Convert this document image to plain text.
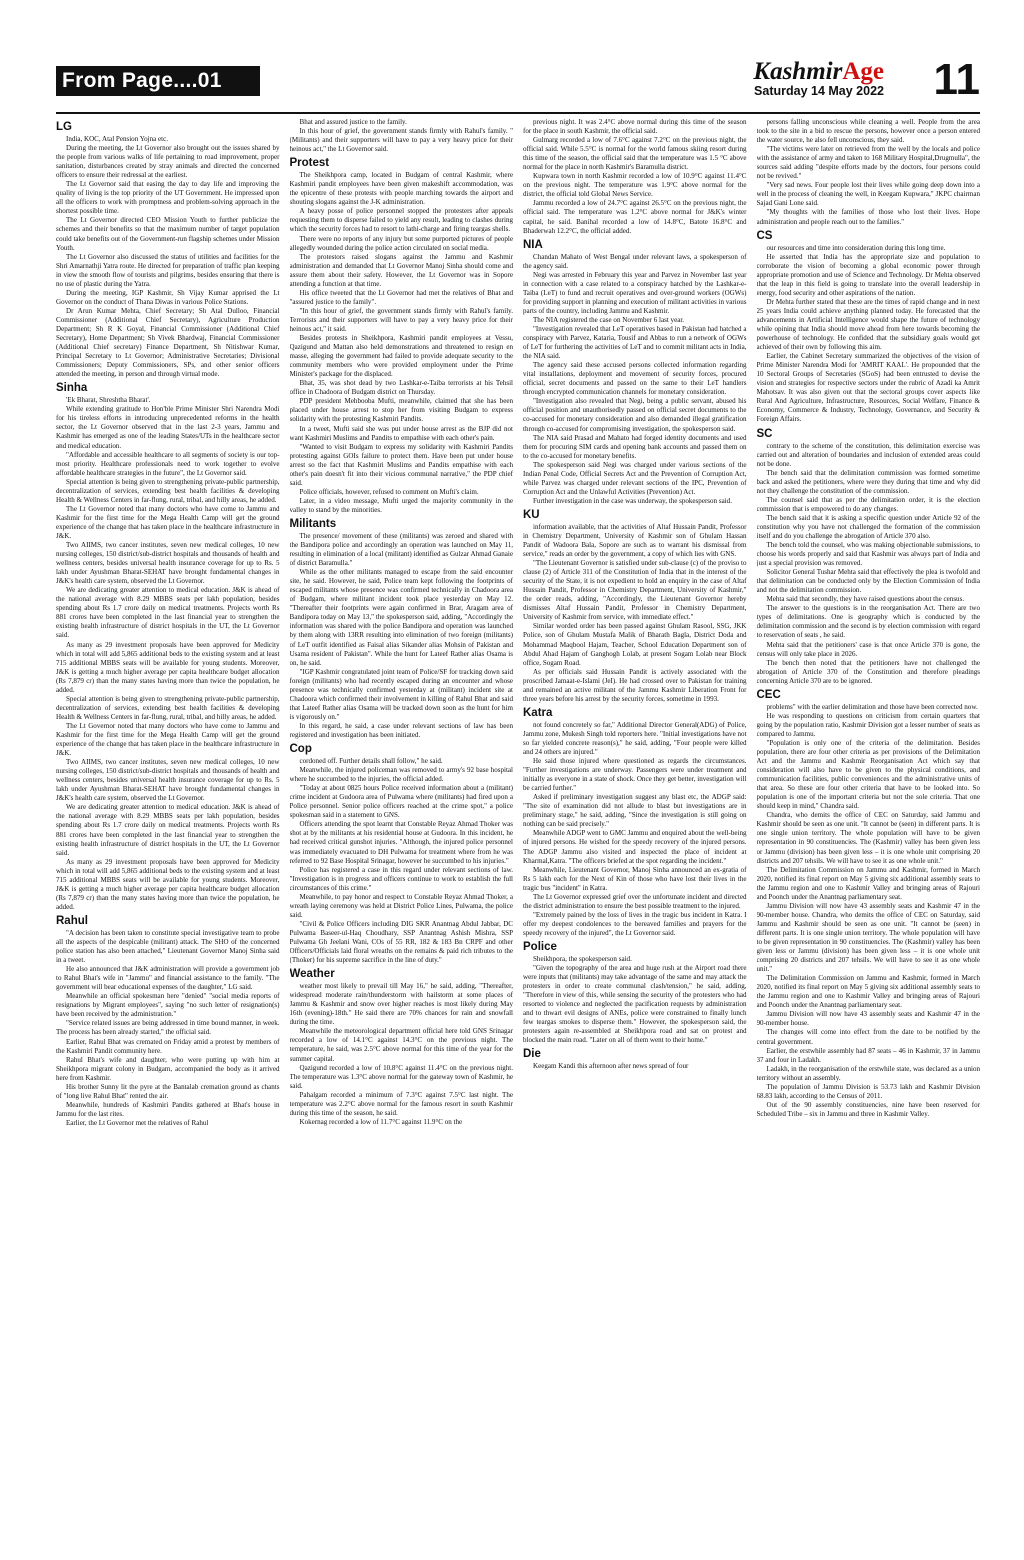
From Page....01	KashmirAge
Saturday 14 May 2022 11
LG

India, KOC, Atal Pension Yojna etc.

During the meeting, the Lt Governor also brought out the issues shared by the people from various walks of life pertaining to road improvement, proper sanitation, disturbances created by stray animals and directed the concerned officers to ensure their redressal at the earliest.

The Lt Governor said that easing the day to day life and improving the quality of living is the top priority of the UT Government. He impressed upon all the officers to work with promptness and problem-solving approach in the shortest possible time.

The Lt Governor directed CEO Mission Youth to further publicize the schemes and their benefits so that the maximum number of target population could take benefits out of the Government-run flagship schemes under Mission Youth.

The Lt Governor also discussed the status of utilities and facilities for the Shri Amarnathji Yatra route. He directed for preparation of traffic plan keeping in view the smooth flow of tourists and pilgrims, besides ensuring that there is no use of plastic during the Yatra.

During the meeting, IGP Kashmir, Sh Vijay Kumar apprised the Lt Governor on the conduct of Thana Diwas in various Police Stations.

Dr Arun Kumar Mehta, Chief Secretary; Sh Atal Dulloo, Financial Commissioner (Additional Chief Secretary), Agriculture Production Department; Sh R K Goyal, Financial Commissioner (Additional Chief Secretary), Home Department; Sh Vivek Bhardwaj, Financial Commissioner (Additional Chief secretary) Finance Department, Sh Nitishwar Kumar, Principal Secretary to Lt Governor; Administrative Secretaries; Divisional Commissioners; Deputy Commissioners, SPs, and other senior officers attended the meeting, in person and through virtual mode.

Sinha

'Ek Bharat, Shreshtha Bharat'.

While extending gratitude to Hon'ble Prime Minister Shri Narendra Modi for his tireless efforts in introducing unprecedented reforms in the health sector, the Lt Governor observed that in the last 2-3 years, Jammu and Kashmir has emerged as one of the leading States/UTs in the healthcare sector and medical education.

"Affordable and accessible healthcare to all segments of society is our top-most priority. Healthcare professionals need to work together to evolve affordable healthcare strategies in the future", the Lt Governor said.

Special attention is being given to strengthening private-public partnership, decentralization of services, extending best health facilities & developing Health & Wellness Centers in far-flung, rural, tribal, and hilly areas, he added.

The Lt Governor noted that many doctors who have come to Jammu and Kashmir for the first time for the Mega Health Camp will get the ground experience of the change that has taken place in the healthcare infrastructure in J&K.

Two AIIMS, two cancer institutes, seven new medical colleges, 10 new nursing colleges, 150 district/sub-district hospitals and thousands of health and wellness centers, besides universal health insurance coverage for up to Rs. 5 lakh under Ayushman Bharat-SEHAT have brought fundamental changes in J&K's health care system, observed the Lt Governor.

We are dedicating greater attention to medical education. J&K is ahead of the national average with 8.29 MBBS seats per lakh population, besides spending about Rs 1.7 crore daily on medical treatments. Projects worth Rs 881 crores have been completed in the last financial year to strengthen the existing health infrastructure of district hospitals in the UT, the Lt Governor said.

As many as 29 investment proposals have been approved for Medicity which in total will add 5,865 additional beds to the existing system and at least 715 additional MBBS seats will be available for young students. Moreover, J&K is getting a much higher average per capita healthcare budget allocation (Rs 7,879 cr) than the many states having more than twice the population, he added.

Special attention is being given to strengthening private-public partnership, decentralization of services, extending best health facilities & developing Health & Wellness Centers in far-flung, rural, tribal, and hilly areas, he added.

The Lt Governor noted that many doctors who have come to Jammu and Kashmir for the first time for the Mega Health Camp will get the ground experience of the change that has taken place in the healthcare infrastructure in J&K.

Two AIIMS, two cancer institutes, seven new medical colleges, 10 new nursing colleges, 150 district/sub-district hospitals and thousands of health and wellness centers, besides universal health insurance coverage for up to Rs. 5 lakh under Ayushman Bharat-SEHAT have brought fundamental changes in J&K's health care system, observed the Lt Governor.

We are dedicating greater attention to medical education. J&K is ahead of the national average with 8.29 MBBS seats per lakh population, besides spending about Rs 1.7 crore daily on medical treatments. Projects worth Rs 881 crores have been completed in the last financial year to strengthen the existing health infrastructure of district hospitals in the UT, the Lt Governor said.

As many as 29 investment proposals have been approved for Medicity which in total will add 5,865 additional beds to the existing system and at least 715 additional MBBS seats will be available for young students. Moreover, J&K is getting a much higher average per capita healthcare budget allocation (Rs 7,879 cr) than the many states having more than twice the population, he added.

Rahul

"A decision has been taken to constitute special investigative team to probe all the aspects of the despicable (militant) attack. The SHO of the concerned police station has also been attached," Lieutenant Governor Manoj Sinha said in a tweet.

He also announced that J&K administration will provide a government job to Rahul Bhat's wife in "Jammu" and financial assistance to the family. "The government will bear educational expenses of the daughter," LG said.

Meanwhile an official spokesman here "denied" "social media reports of resignations by Migrant employees", saying "no such letter of resignation(s) have been received by the administration."

"Service related issues are being addressed in time bound manner, in week. The process has been already started," the official said.

Earlier, Rahul Bhat was cremated on Friday amid a protest by members of the Kashmiri Pandit community here.

Rahul Bhat's wife and daughter, who were putting up with him at Sheikhpora migrant colony in Budgam, accompanied the body as it arrived here from Kashmir.

His brother Sunny lit the pyre at the Bantalab cremation ground as chants of "long live Rahul Bhat" rented the air.

Meanwhile, hundreds of Kashmiri Pandits gathered at Bhat's house in Jammu for the last rites.

Earlier, the Lt Governor met the relatives of Rahul

Bhat and assured justice to the family.

In this hour of grief, the government stands firmly with Rahul's family. "(Militants) and their supporters will have to pay a very heavy price for their heinous act," the Lt Governor said.

Protest

The Sheikhpora camp, located in Budgam of central Kashmir, where Kashmiri pandit employees have been given makeshift accommodation, was the epicentre of these protests with people marching towards the airport and shouting slogans against the J-K administration.

A heavy posse of police personnel stopped the protesters after appeals requesting them to disperse failed to yield any result, leading to clashes during which the security forces had to resort to lathi-charge and firing teargas shells.

There were no reports of any injury but some purported pictures of people allegedly wounded during the police action circulated on social media.

The protestors raised slogans against the Jammu and Kashmir administration and demanded that Lt Governor Manoj Sinha should come and assure them about their safety. However, the Lt Governor was in Sopore attending a function at that time.

His office tweeted that the Lt Governor had met the relatives of Bhat and "assured justice to the family".

"In this hour of grief, the government stands firmly with Rahul's family. Terrorists and their supporters will have to pay a very heavy price for their heinous act," it said.

Besides protests in Sheikhpora, Kashmiri pandit employees at Vessu, Qazigund and Mattan also held demonstrations and threatened to resign en masse, alleging the government had failed to provide adequate security to the community members who were provided employment under the Prime Minister's package for the displaced.

Bhat, 35, was shot dead by two Lashkar-e-Taiba terrorists at his Tehsil office in Chadoora of Budgam district on Thursday.

PDP president Mehbooba Mufti, meanwhile, claimed that she has been placed under house arrest to stop her from visiting Budgam to express solidarity with the protesting Kashmiri Pandits.

In a tweet, Mufti said she was put under house arrest as the BJP did not want Kashmiri Muslims and Pandits to empathise with each other's pain.

"Wanted to visit Budgam to express my solidarity with Kashmiri Pandits protesting against GOIs failure to protect them. Have been put under house arrest so the fact that Kashmiri Muslims and Pandits empathise with each other's pain doesn't fit into their vicious communal narrative," the PDP chief said.

Police officials, however, refused to comment on Mufti's claim.

Later, in a video message, Mufti urged the majority community in the valley to stand by the minorities.

Militants

The presence/ movement of these (militants) was zeroed and shared with the Bandipora police and accordingly an operation was launched on May 11, resulting in elimination of a local (militant) identified as Gulzar Ahmad Ganaie of district Baramulla."

While as the other militants managed to escape from the said encounter site, he said. However, he said, Police team kept following the footprints of escaped militants whose presence was confirmed technically in Chadoora area of Budgam, where militant incident took place yesterday on May 12. "Thereafter their footprints were again confirmed in Brar, Aragam area of Bandipora today on May 13," the spokesperson said, adding, "Accordingly the information was shared with the police Bandipora and operation was launched by them along with 13RR resulting into elimination of two foreign (militants) of LeT outfit identified as Faisal alias Sikander alias Mohsin of Pakistan and Usama resident of Pakistan". While the hunt for Lateef Rather alias Osama is on, he said.

"IGP Kashmir congratulated joint team of Police/SF for tracking down said foreign (militants) who had recently escaped during an encounter and whose presence was technically confirmed yesterday at (militant) incident site at Chadoora which confirmed their involvement in killing of Rahul Bhat and said that Lateef Rather alias Osama will be tracked down soon as the hunt for him is vigorously on."

In this regard, he said, a case under relevant sections of law has been registered and investigation has been initiated.

Cop

cordoned off. Further details shall follow," he said.

Meanwhile, the injured policeman was removed to army's 92 base hospital where he succumbed to the injuries, the official added.

"Today at about 0825 hours Police received information about a (militant) crime incident at Gudoora area of Pulwama where (militants) had fired upon a Police personnel. Senior police officers reached at the crime spot," a police spokesman said in a statement to GNS.

Officers attending the spot learnt that Constable Reyaz Ahmad Thoker was shot at by the militants at his residential house at Gudoora. In this incident, he had received critical gunshot injuries. "Although, the injured police personnel was immediately evacuated to DH Pulwama for treatment where from he was referred to 92 Base Hospital Srinagar, however he succumbed to his injuries."

Police has registered a case in this regard under relevant sections of law. "Investigation is in progress and officers continue to work to establish the full circumstances of this crime."

Meanwhile, to pay honor and respect to Constable Reyaz Ahmad Thoker, a wreath laying ceremony was held at District Police Lines, Pulwama, the police said.

"Civil & Police Officers including DIG SKR Anantnag Abdul Jabbar, DC Pulwama Baseer-ul-Haq Choudhary, SSP Anantnag Ashish Mishra, SSP Pulwama Gh Jeelani Wani, COs of 55 RR, 182 & 183 Bn CRPF and other Officers/Officials laid floral wreaths on the remains & paid rich tributes to the (Thoker) for his supreme sacrifice in the line of duty."

Weather

weather most likely to prevail till May 16," he said, adding, "Thereafter, widespread moderate rain/thunderstorm with hailstorm at some places of Jammu & Kashmir and snow over higher reaches is most likely during May 16th (evening)-18th." He said there are 70% chances for rain and snowfall during the time.

Meanwhile the meteorological department official here told GNS Srinagar recorded a low of 14.1°C against 14.3°C on the previous night. The temperature, he said, was 2.5°C above normal for this time of the year for the summer capital.

Qazigund recorded a low of 10.8°C against 11.4°C on the previous night. The temperature was 1.3°C above normal for the gateway town of Kashmir, he said.

Pahalgam recorded a minimum of 7.3°C against 7.5°C last night. The temperature was 2.2°C above normal for the famous resort in south Kashmir during this time of the season, he said.

Kokernag recorded a low of 11.7°C against 11.9°C on the

previous night. It was 2.4°C above normal during this time of the season for the place in south Kashmir, the official said.

Gulmarg recorded a low of 7.6°C against 7.2°C on the previous night, the official said. While 5.5°C is normal for the world famous skiing resort during this time of the season, the official said that the temperature was 1.5 °C above normal for the place in north Kashmir's Baramulla district.

Kupwara town in north Kashmir recorded a low of 10.9°C against 11.4°C on the previous night. The temperature was 1.9°C above normal for the district, the official told Global News Service.

Jammu recorded a low of 24.7°C against 26.5°C on the previous night, the official said. The temperature was 1.2°C above normal for J&K's winter capital, he said. Banihal recorded a low of 14.8°C, Batote 16.8°C and Bhaderwah 12.2°C, the official added.

NIA

Chandan Mahato of West Bengal under relevant laws, a spokesperson of the agency said.

Negi was arrested in February this year and Parvez in November last year in connection with a case related to a conspiracy hatched by the Lashkar-e-Taiba (LeT) to fund and recruit operatives and over-ground workers (OGWs) for providing support in planning and execution of militant activities in various parts of the country, including Jammu and Kashmir.

The NIA registered the case on November 6 last year.

"Investigation revealed that LeT operatives based in Pakistan had hatched a conspiracy with Parvez, Kataria, Tousif and Abbas to run a network of OGWs of LeT for furthering the activities of LeT and to commit militant acts in India, the NIA said.

The agency said these accused persons collected information regarding vital installations, deployment and movement of security forces, procured official, secret documents and passed on the same to their LeT handlers through encrypted communication channels for monetary consideration.

"Investigation also revealed that Negi, being a public servant, abused his official position and unauthorisedly passed on official secret documents to the co-accused for monetary consideration and also demanded illegal gratification through co-accused for compromising investigation, the spokesperson said.

The NIA said Prasad and Mahato had forged identity documents and used them for procuring SIM cards and opening bank accounts and passed them on to the co-accused for monetary benefits.

The spokesperson said Negi was charged under various sections of the Indian Penal Code, Official Secrets Act and the Prevention of Corruption Act, while Parvez was charged under relevant sections of the IPC, Prevention of Corruption Act and the Unlawful Activities (Prevention) Act.

Further investigation in the case was underway, the spokesperson said.

KU

information available, that the activities of Altaf Hussain Pandit, Professor in Chemistry Department, University of Kashmir son of Ghulam Hassan Pandit of Wadoora Bala, Sopore are such as to warrant his dismissal from service," reads an order by the government, a copy of which lies with GNS.

"The Lieutenant Governor is satisfied under sub-clause (c) of the proviso to clause (2) of Article 311 of the Constitution of India that in the interest of the security of the State, it is not expedient to hold an enquiry in the case of Altaf Hussain Pandit, Professor in Chemistry Department, University of Kashmir," the order reads, adding, "Accordingly, the Lieutenant Governor hereby dismisses Altaf Hussain Pandit, Professor in Chemistry Department, University of Kashmir from service, with immediate effect."

Similar worded order has been passed against Ghulam Rasool, SSG, JKK Police, son of Ghulam Mustafa Malik of Bharath Bagla, District Doda and Mohammad Maqbool Hajam, Teacher, School Education Department son of Abdul Ahad Hajam of Ganghogh Lolab, at present Sogam Lolab near Block office, Sogam Road.

As per officials said Hussain Pandit is actively associated with the proscribed Jamaat-e-Islami (JeI). He had crossed over to Pakistan for training and remained an active militant of the Jammu Kashmir Liberation Front for three years before his arrest by the security forces, sometime in 1993.

Katra

not found concretely so far," Additional Director General(ADG) of Police, Jammu zone, Mukesh Singh told reporters here. "Initial investigations have not so far yielded concrete reason(s)," he said, adding, "Four people were killed and 24 others are injured."

He said those injured where questioned as regards the circumstances. "Further investigations are underway. Passengers were under treatment and initially as everyone in a state of shock. Once they get better, investigation will be carried further."

Asked if preliminary investigation suggest any blast etc, the ADGP said: "The site of examination did not allude to blast but investigations are in preliminary stage," he said, adding, "Since the investigation is still going on nothing can be said precisely."

Meanwhile ADGP went to GMC Jammu and enquired about the well-being of injured persons. He wished for the speedy recovery of the injured persons. The ADGP Jammu also visited and inspected the place of incident at Kharmal,Katra. "The officers briefed at the spot regarding the incident."

Meanwhile, Lieutenant Governor, Manoj Sinha announced an ex-gratia of Rs 5 lakh each for the Next of Kin of those who have lost their lives in the tragic bus "incident" in Katra.

The Lt Governor expressed grief over the unfortunate incident and directed the district administration to ensure the best possible treatment to the injured.

"Extremely pained by the loss of lives in the tragic bus incident in Katra. I offer my deepest condolences to the bereaved families and prayers for the speedy recovery of the injured", the Lt Governor said.

Police

Sheikhpora, the spokesperson said.

"Given the topography of the area and huge rush at the Airport road there were inputs that (militants) may take advantage of the same and may attack the protesters in order to create communal clash/tension," he said, adding, "Therefore in view of this, while sensing the security of the protesters who had resorted to violence and neglected the pacification requests by administration and to thwart evil designs of ANEs, police were constrained to finally lunch few teargas smokes to disperse them." However, the spokesperson said, the protesters again re-assembled at Sheikhpora road and sat on protest and blocked the main road. "Later on all of them went to their home."

Die

Keegam Kandi this afternoon after news spread of four

persons falling unconscious while cleaning a well. People from the area took to the site in a bid to rescue the persons, however once a person entered the water source, he also fell unconscious, they said.

"The victims were later on retrieved from the well by the locals and police with the assistance of army and taken to 168 Military Hospital,Drugmulla", the sources said adding "despite efforts made by the doctors, four persons could not be revived."

"Very sad news. Four people lost their lives while going deep down into a well in the process of cleaning the well, in Keegam Kupwara," JKPC chairman Sajad Gani Lone said.

"My thoughts with the families of those who lost their lives. Hope administration and people reach out to the families."

CS

our resources and time into consideration during this long time.

He asserted that India has the appropriate size and population to corroborate the vision of becoming a global economic power through appropriate promotion and use of Science and Technology. Dr Mehta observed that the leap in this field is going to translate into the overall leadership in energy, food security and other aspirations of the nation.

Dr Mehta further stated that these are the times of rapid change and in next 25 years India could achieve anything planned today. He forecasted that the advancements in Artificial Intelligence would shape the future of technology while opining that India should move ahead from here towards becoming the powerhouse of technology. He confided that the subsidiary goals would get achieved of their own by following this aim.

Earlier, the Cabinet Secretary summarized the objectives of the vision of Prime Minister Narendra Modi for 'AMRIT KAAL'. He propounded that the 10 Sectoral Groups of Secretaries (SGoS) had been entrusted to devise the vision and strategies for respective sectors under the rubric of Azadi ka Amrit Mahotsav. It was also given out that the sectoral groups cover aspects like Rural And Agriculture, Infrastructure, Resources, Social Welfare, Finance & Economy, Commerce & Industry, Technology, Governance, and Security & Foreign Affairs.

SC

contrary to the scheme of the constitution, this delimitation exercise was carried out and alteration of boundaries and inclusion of extended areas could not be done.

The bench said that the delimitation commission was formed sometime back and asked the petitioners, where were they during that time and why did not they challenge the constitution of the commission.

The counsel said that as per the delimitation order, it is the election commission that is empowered to do any changes.

The bench said that it is asking a specific question under Article 92 of the constitution why you have not challenged the formation of the commission itself and do you challenge the abrogation of Article 370 also.

The bench told the counsel, who was making objectionable submissions, to choose his words properly and said that Kashmir was always part of India and just a special provision was removed.

Solicitor General Tushar Mehta said that effectively the plea is twofold and that delimitation can be conducted only by the Election Commission of India and not the delimitation commission.

Mehta said that secondly, they have raised questions about the census.

The answer to the questions is in the reorganisation Act. There are two types of delimitations. One is geography which is conducted by the delimitation commission and the second is by election commission with regard to reservation of seats , he said.

Mehta said that the petitioners' case is that once Article 370 is gone, the census will only take place in 2026.

The bench then noted that the petitioners have not challenged the abrogation of Article 370 of the Constitution and therefore pleadings concerning Article 370 are to be ignored.

CEC

problems" with the earlier delimitation and those have been corrected now.

He was responding to questions on criticism from certain quarters that going by the population ratio, Kashmir Division got a lesser number of seats as compared to Jammu.

"Population is only one of the criteria of the delimitation. Besides population, there are four other criteria as per provisions of the Delimitation Act and the Jammu and Kashmir Reorganisation Act which say that consideration will also have to be given to the physical conditions, and communication facilities, public conveniences and the administrative units of that area. So these are four other criteria that have to be looked into. So population is one of the important criteria but not the sole criteria. That one should keep in mind," Chandra said.

Chandra, who demits the office of CEC on Saturday, said Jammu and Kashmir should be seen as one unit. "It cannot be (seen) in different parts. It is one single union territory. The whole population will have to be given representation in 90 constituencies. The (Kashmir) valley has been given less or Jammu (division) has been given less – it is one whole unit comprising 20 districts and 207 tehsils. We will have to see it as one whole unit."

The Delimitation Commission on Jammu and Kashmir, formed in March 2020, notified its final report on May 5 giving six additional assembly seats to the Jammu region and one to Kashmir Valley and bringing areas of Rajouri and Poonch under the Anantnag parliamentary seat.

Jammu Division will now have 43 assembly seats and Kashmir 47 in the 90-member house. Chandra, who demits the office of CEC on Saturday, said Jammu and Kashmir should be seen as one unit. "It cannot be (seen) in different parts. It is one single union territory. The whole population will have to be given representation in 90 constituencies. The (Kashmir) valley has been given less or Jammu (division) has been given less – it is one whole unit comprising 20 districts and 207 tehsils. We will have to see it as one whole unit."

The Delimitation Commission on Jammu and Kashmir, formed in March 2020, notified its final report on May 5 giving six additional assembly seats to the Jammu region and one to Kashmir Valley and bringing areas of Rajouri and Poonch under the Anantnag parliamentary seat.

Jammu Division will now have 43 assembly seats and Kashmir 47 in the 90-member house.

The changes will come into effect from the date to be notified by the central government.

Earlier, the erstwhile assembly had 87 seats – 46 in Kashmir, 37 in Jammu 37 and four in Ladakh.

Ladakh, in the reorganisation of the erstwhile state, was declared as a union territory without an assembly.

The population of Jammu Division is 53.73 lakh and Kashmir Division 68.83 lakh, according to the Census of 2011.

Out of the 90 assembly constituencies, nine have been reserved for Scheduled Tribe – six in Jammu and three in Kashmir Valley.
